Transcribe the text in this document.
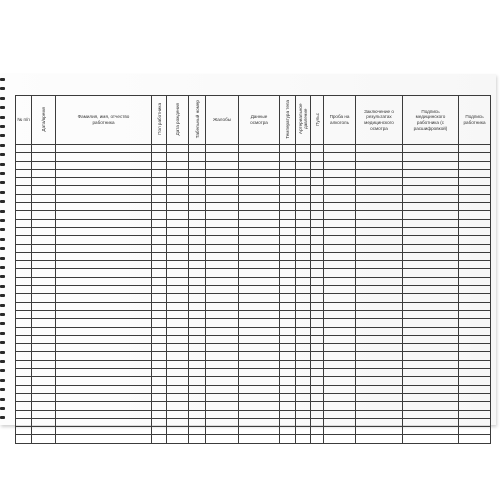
№ п/п	Дата/время	Фамилия, имя, отчество работника	Пол работника	Дата рождения	Табельный номер	Жалобы	Данные осмотра	Температура тела	Артериальное давление	Пульс	Проба на алкоголь	Заключение о результатах медицинского осмотра	Подпись медицинского работника (с расшифровкой)	Подпись работника
